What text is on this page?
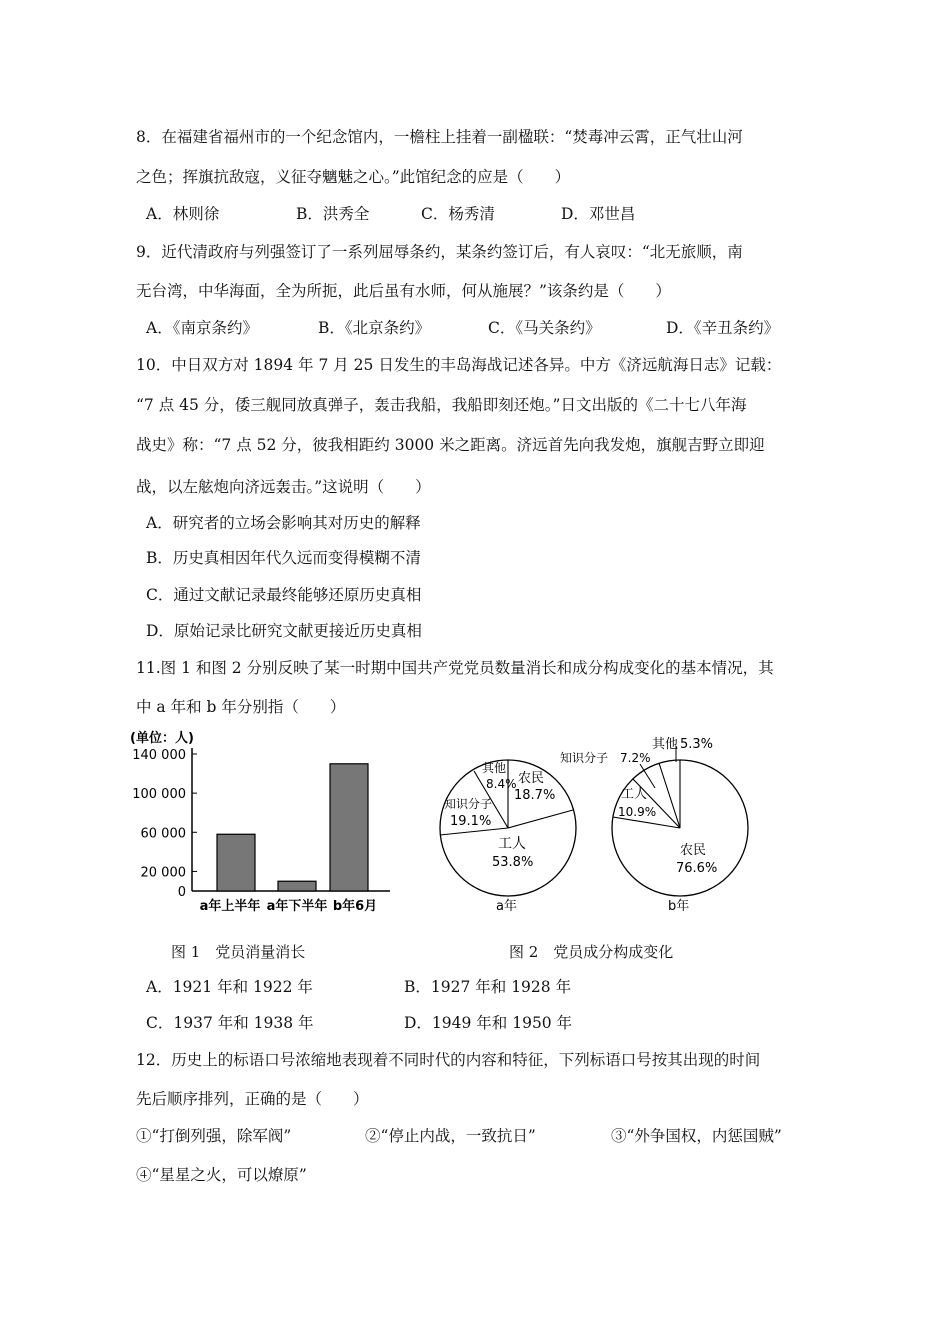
8．在福建省福州市的一个纪念馆内，一檐柱上挂着一副楹联：“焚毒冲云霄，正气壮山河
之色；挥旗抗敌寇，义征夺魑魅之心。”此馆纪念的应是（　　）
A．林则徐	B．洪秀全	C．杨秀清	D．邓世昌
9．近代清政府与列强签订了一系列屈辱条约，某条约签订后，有人哀叹：“北无旅顺，南
无台湾，中华海面，全为所扼，此后虽有水师，何从施展？”该条约是（　　）
A．《南京条约》	B．《北京条约》	C．《马关条约》	D．《辛丑条约》
10．中日双方对 1894 年 7 月 25 日发生的丰岛海战记述各异。中方《济远航海日志》记载：
“7 点 45 分，倭三舰同放真弹子，轰击我船，我船即刻还炮。”日文出版的《二十七八年海
战史》称：“7 点 52 分，彼我相距约 3000 米之距离。济远首先向我发炮，旗舰吉野立即迎
战，以左舷炮向济远轰击。”这说明（　　）
A．研究者的立场会影响其对历史的解释
B．历史真相因年代久远而变得模糊不清
C．通过文献记录最终能够还原历史真相
D．原始记录比研究文献更接近历史真相
11.图 1 和图 2 分别反映了某一时期中国共产党党员数量消长和成分构成变化的基本情况，其
中 a 年和 b 年分别指（　　）
(单位：人)
140 000
100 000
60 000
20 000
0
a年上半年 a年下半年 b年6月
其他
8.4% 农民
18.7%
知识分子
19.1%
工人
53.8%
a年
其他 5.3%
知识分子 7.2%
工人
10.9%
农民
76.6%
b年
图 1　党员消量消长	图 2　党员成分构成变化
A．1921 年和 1922 年	B．1927 年和 1928 年
C．1937 年和 1938 年	D．1949 年和 1950 年
12．历史上的标语口号浓缩地表现着不同时代的内容和特征，下列标语口号按其出现的时间
先后顺序排列，正确的是（　　）
①“打倒列强，除军阀”	②“停止内战，一致抗日”	③“外争国权，内惩国贼”
④“星星之火，可以燎原”
